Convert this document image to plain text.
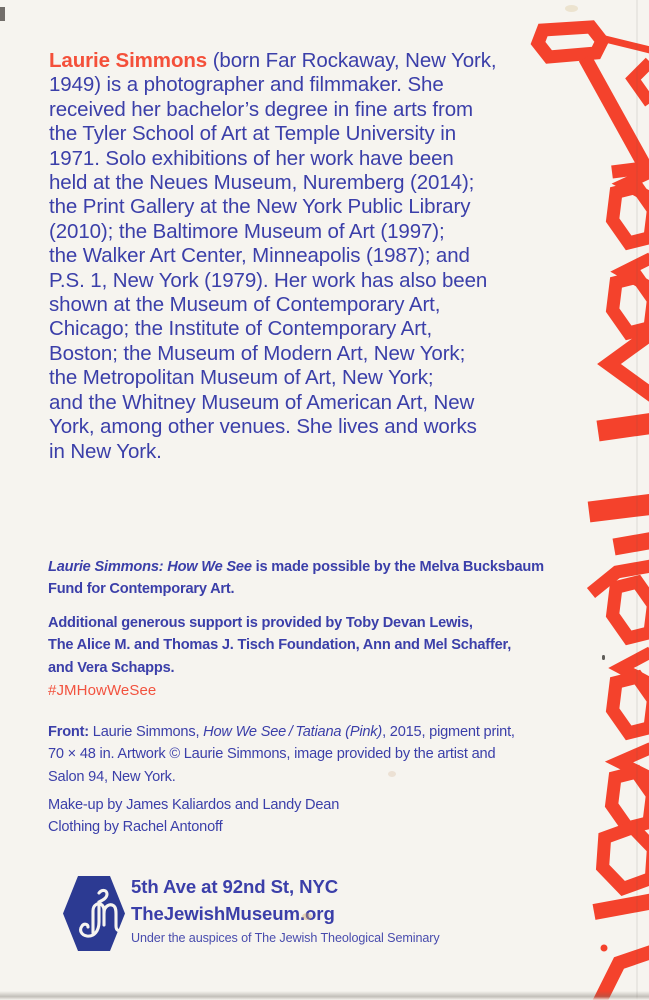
Laurie Simmons (born Far Rockaway, New York,
1949) is a photographer and filmmaker. She
received her bachelor’s degree in fine arts from
the Tyler School of Art at Temple University in
1971. Solo exhibitions of her work have been
held at the Neues Museum, Nuremberg (2014);
the Print Gallery at the New York Public Library
(2010); the Baltimore Museum of Art (1997);
the Walker Art Center, Minneapolis (1987); and
P.S. 1, New York (1979). Her work has also been
shown at the Museum of Contemporary Art,
Chicago; the Institute of Contemporary Art,
Boston; the Museum of Modern Art, New York;
the Metropolitan Museum of Art, New York;
and the Whitney Museum of American Art, New
York, among other venues. She lives and works
in New York.
Laurie Simmons: How We See is made possible by the Melva Bucksbaum
Fund for Contemporary Art.
Additional generous support is provided by Toby Devan Lewis,
The Alice M. and Thomas J. Tisch Foundation, Ann and Mel Schaffer,
and Vera Schapps.
#JMHowWeSee
Front: Laurie Simmons, How We See / Tatiana (Pink), 2015, pigment print,
70 × 48 in. Artwork © Laurie Simmons, image provided by the artist and
Salon 94, New York.
Make-up by James Kaliardos and Landy Dean
Clothing by Rachel Antonoff
5th Ave at 92nd St, NYC
TheJewishMuseum.org
Under the auspices of The Jewish Theological Seminary
